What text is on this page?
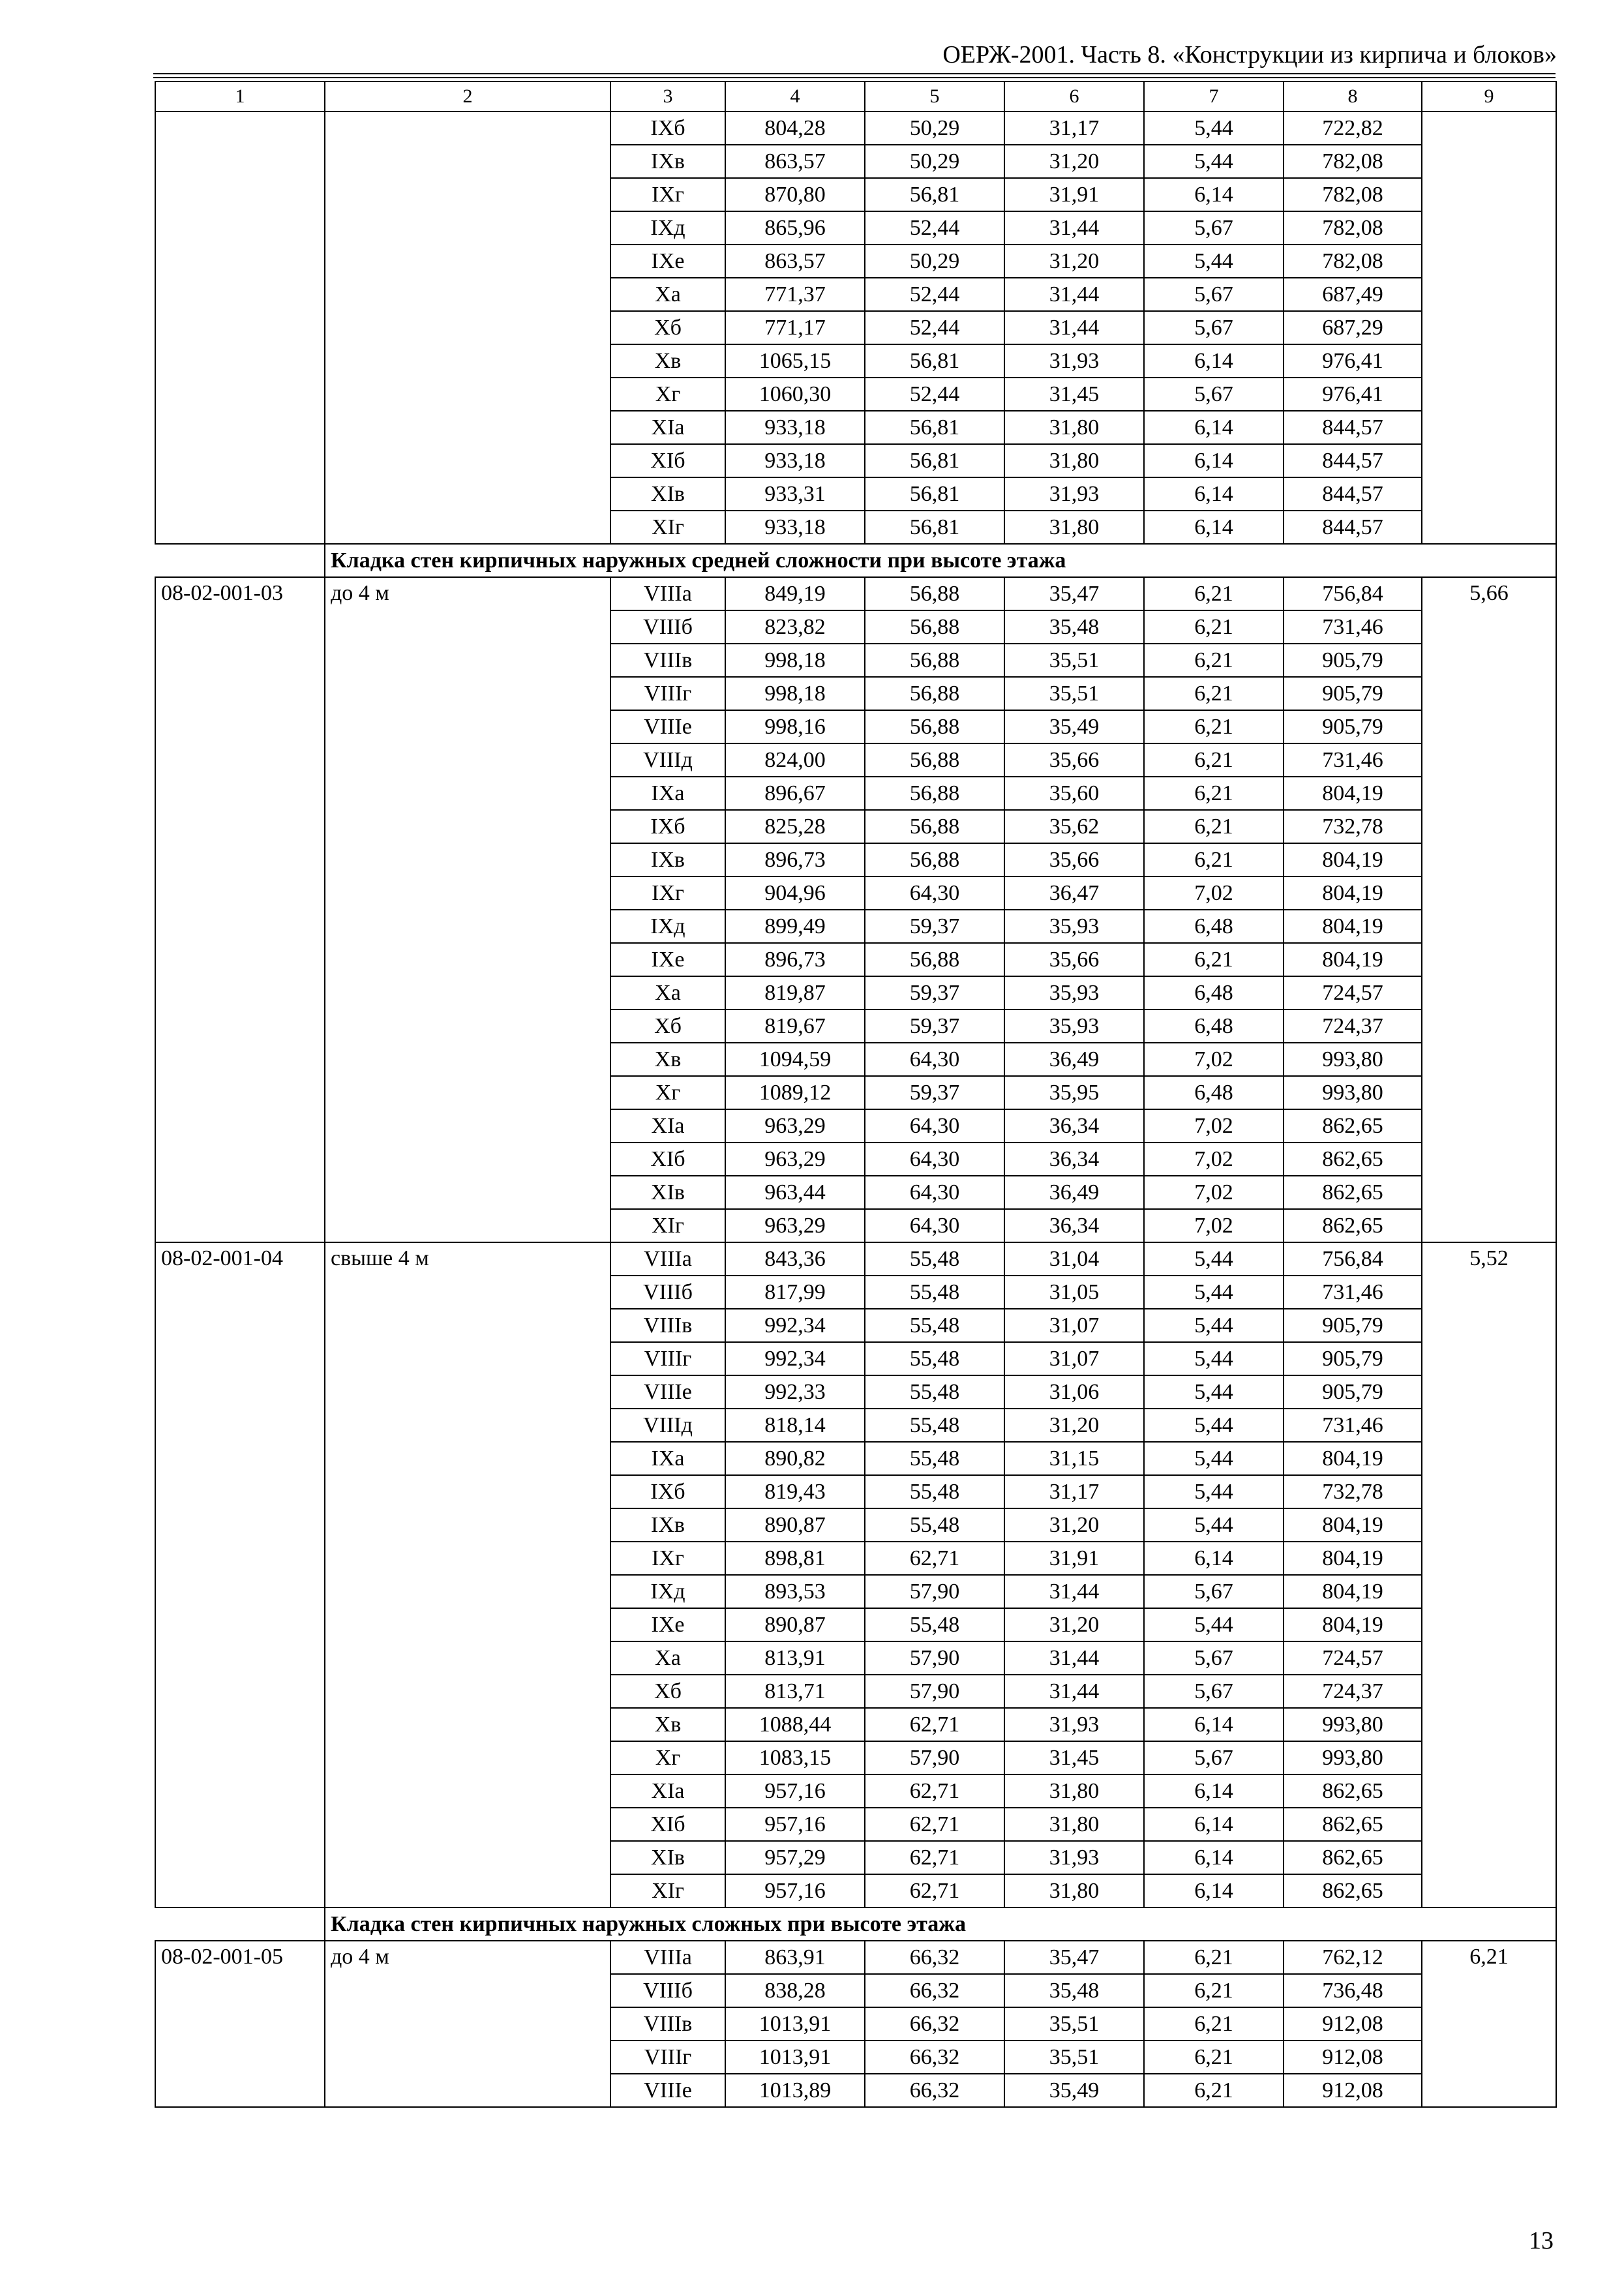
ОЕРЖ-2001. Часть 8. «Конструкции из кирпича и блоков»
1	2	3	4	5	6	7	8	9
		IXб	804,28	50,29	31,17	5,44	722,82	
		IXв	863,57	50,29	31,20	5,44	782,08	
		IXг	870,80	56,81	31,91	6,14	782,08	
		IXд	865,96	52,44	31,44	5,67	782,08	
		IXе	863,57	50,29	31,20	5,44	782,08	
		Xа	771,37	52,44	31,44	5,67	687,49	
		Xб	771,17	52,44	31,44	5,67	687,29	
		Xв	1065,15	56,81	31,93	6,14	976,41	
		Xг	1060,30	52,44	31,45	5,67	976,41	
		XIа	933,18	56,81	31,80	6,14	844,57	
		XIб	933,18	56,81	31,80	6,14	844,57	
		XIв	933,31	56,81	31,93	6,14	844,57	
		XIг	933,18	56,81	31,80	6,14	844,57	
	Кладка стен кирпичных наружных средней сложности при высоте этажа							
08-02-001-03	до 4 м	VIIIа	849,19	56,88	35,47	6,21	756,84	5,66
		VIIIб	823,82	56,88	35,48	6,21	731,46	
		VIIIв	998,18	56,88	35,51	6,21	905,79	
		VIIIг	998,18	56,88	35,51	6,21	905,79	
		VIIIе	998,16	56,88	35,49	6,21	905,79	
		VIIIд	824,00	56,88	35,66	6,21	731,46	
		IXа	896,67	56,88	35,60	6,21	804,19	
		IXб	825,28	56,88	35,62	6,21	732,78	
		IXв	896,73	56,88	35,66	6,21	804,19	
		IXг	904,96	64,30	36,47	7,02	804,19	
		IXд	899,49	59,37	35,93	6,48	804,19	
		IXе	896,73	56,88	35,66	6,21	804,19	
		Xа	819,87	59,37	35,93	6,48	724,57	
		Xб	819,67	59,37	35,93	6,48	724,37	
		Xв	1094,59	64,30	36,49	7,02	993,80	
		Xг	1089,12	59,37	35,95	6,48	993,80	
		XIа	963,29	64,30	36,34	7,02	862,65	
		XIб	963,29	64,30	36,34	7,02	862,65	
		XIв	963,44	64,30	36,49	7,02	862,65	
		XIг	963,29	64,30	36,34	7,02	862,65	
08-02-001-04	свыше 4 м	VIIIа	843,36	55,48	31,04	5,44	756,84	5,52
		VIIIб	817,99	55,48	31,05	5,44	731,46	
		VIIIв	992,34	55,48	31,07	5,44	905,79	
		VIIIг	992,34	55,48	31,07	5,44	905,79	
		VIIIе	992,33	55,48	31,06	5,44	905,79	
		VIIIд	818,14	55,48	31,20	5,44	731,46	
		IXа	890,82	55,48	31,15	5,44	804,19	
		IXб	819,43	55,48	31,17	5,44	732,78	
		IXв	890,87	55,48	31,20	5,44	804,19	
		IXг	898,81	62,71	31,91	6,14	804,19	
		IXд	893,53	57,90	31,44	5,67	804,19	
		IXе	890,87	55,48	31,20	5,44	804,19	
		Xа	813,91	57,90	31,44	5,67	724,57	
		Xб	813,71	57,90	31,44	5,67	724,37	
		Xв	1088,44	62,71	31,93	6,14	993,80	
		Xг	1083,15	57,90	31,45	5,67	993,80	
		XIа	957,16	62,71	31,80	6,14	862,65	
		XIб	957,16	62,71	31,80	6,14	862,65	
		XIв	957,29	62,71	31,93	6,14	862,65	
		XIг	957,16	62,71	31,80	6,14	862,65	
	Кладка стен кирпичных наружных сложных при высоте этажа							
08-02-001-05	до 4 м	VIIIа	863,91	66,32	35,47	6,21	762,12	6,21
		VIIIб	838,28	66,32	35,48	6,21	736,48	
		VIIIв	1013,91	66,32	35,51	6,21	912,08	
		VIIIг	1013,91	66,32	35,51	6,21	912,08	
		VIIIе	1013,89	66,32	35,49	6,21	912,08	
13
